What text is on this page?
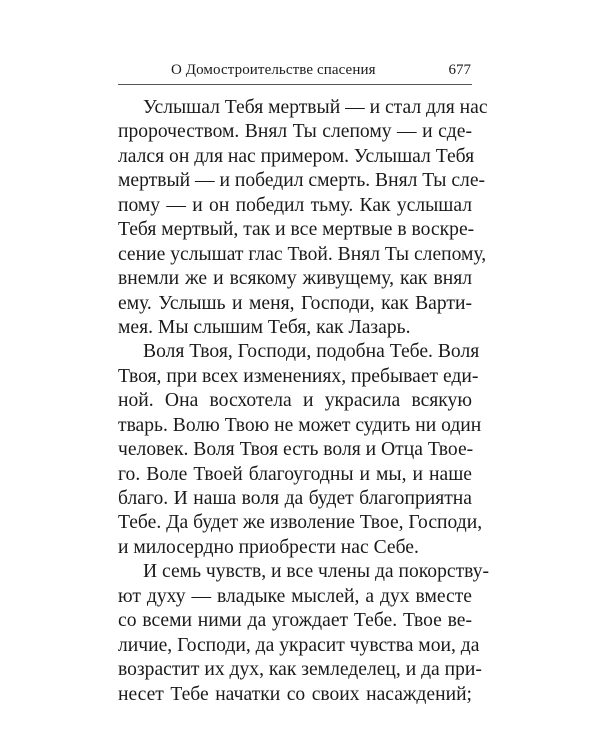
О Домостроительстве спасения	677
Услышал Тебя мертвый — и стал для нас
пророчеством. Внял Ты слепому — и сде-
лался он для нас примером. Услышал Тебя
мертвый — и победил смерть. Внял Ты сле-
пому — и он победил тьму. Как услышал
Тебя мертвый, так и все мертвые в воскре-
сение услышат глас Твой. Внял Ты слепому,
внемли же и всякому живущему, как внял
ему. Услышь и меня, Господи, как Варти-
мея. Мы слышим Тебя, как Лазарь.
Воля Твоя, Господи, подобна Тебе. Воля
Твоя, при всех изменениях, пребывает еди-
ной. Она восхотела и украсила всякую
тварь. Волю Твою не может судить ни один
человек. Воля Твоя есть воля и Отца Твое-
го. Воле Твоей благоугодны и мы, и наше
благо. И наша воля да будет благоприятна
Тебе. Да будет же изволение Твое, Господи,
и милосердно приобрести нас Себе.
И семь чувств, и все члены да покорству-
ют духу — владыке мыслей, а дух вместе
со всеми ними да угождает Тебе. Твое ве-
личие, Господи, да украсит чувства мои, да
возрастит их дух, как земледелец, и да при-
несет Тебе начатки со своих насаждений;
